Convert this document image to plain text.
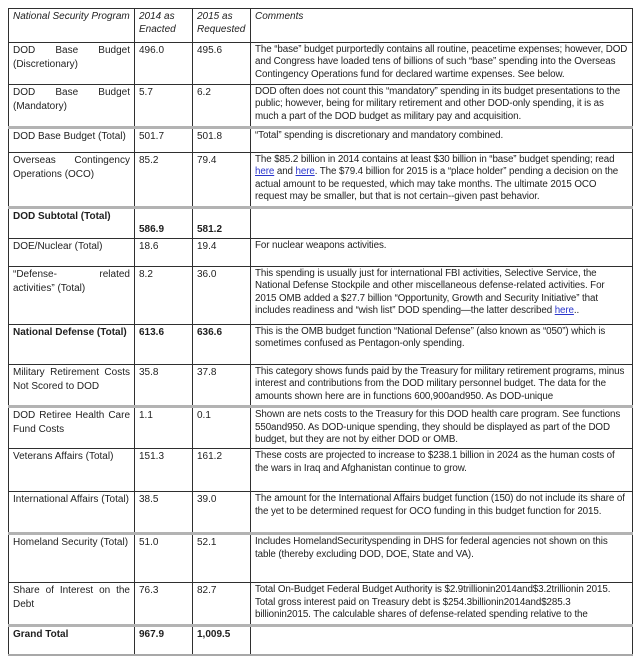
National Security Program	2014 as Enacted	2015 as Requested	Comments
DOD Base Budget (Discretionary)	496.0	495.6	The “base” budget purportedly contains all routine, peacetime expenses; however, DOD and Congress have loaded tens of billions of such “base” spending into the Overseas Contingency Operations fund for declared wartime expenses. See below.
DOD Base Budget (Mandatory)	5.7	6.2	DOD often does not count this “mandatory” spending in its budget presentations to the public; however, being for military retirement and other DOD-only spending, it is as much a part of the DOD budget as military pay and acquisition.
DOD Base Budget (Total)	501.7	501.8	“Total” spending is discretionary and mandatory combined.
Overseas Contingency Operations (OCO)	85.2	79.4	The $85.2 billion in 2014 contains at least $30 billion in “base” budget spending; read here and here. The $79.4 billion for 2015 is a “place holder” pending a decision on the actual amount to be requested, which may take months. The ultimate 2015 OCO request may be smaller, but that is not certain--given past behavior.
DOD Subtotal (Total)	586.9	581.2	
DOE/Nuclear (Total)	18.6	19.4	For nuclear weapons activities.
“Defense- related activities” (Total)	8.2	36.0	This spending is usually just for international FBI activities, Selective Service, the National Defense Stockpile and other miscellaneous defense-related activities. For 2015 OMB added a $27.7 billion “Opportunity, Growth and Security Initiative” that includes readiness and “wish list” DOD spending—the latter described here..
National Defense (Total)	613.6	636.6	This is the OMB budget function “National Defense” (also known as “050”) which is sometimes confused as Pentagon-only spending.
Military Retirement Costs Not Scored to DOD	35.8	37.8	This category shows funds paid by the Treasury for military retirement programs, minus interest and contributions from the DOD military personnel budget. The data for the amounts shown here are in functions 600,900and950. As DOD-unique
DOD Retiree Health Care Fund Costs	1.1	0.1	Shown are nets costs to the Treasury for this DOD health care program. See functions 550and950. As DOD-unique spending, they should be displayed as part of the DOD budget, but they are not by either DOD or OMB.
Veterans Affairs (Total)	151.3	161.2	These costs are projected to increase to $238.1 billion in 2024 as the human costs of the wars in Iraq and Afghanistan continue to grow.
International Affairs (Total)	38.5	39.0	The amount for the International Affairs budget function (150) do not include its share of the yet to be determined request for OCO funding in this budget function for 2015.
Homeland Security (Total)	51.0	52.1	Includes HomelandSecurityspending in DHS for federal agencies not shown on this table (thereby excluding DOD, DOE, State and VA).
Share of Interest on the Debt	76.3	82.7	Total On-Budget Federal Budget Authority is $2.9trillionin2014and$3.2trillionin 2015. Total gross interest paid on Treasury debt is $254.3billionin2014and$285.3 billionin2015. The calculable shares of defense-related spending relative to the
Grand Total	967.9	1,009.5	
